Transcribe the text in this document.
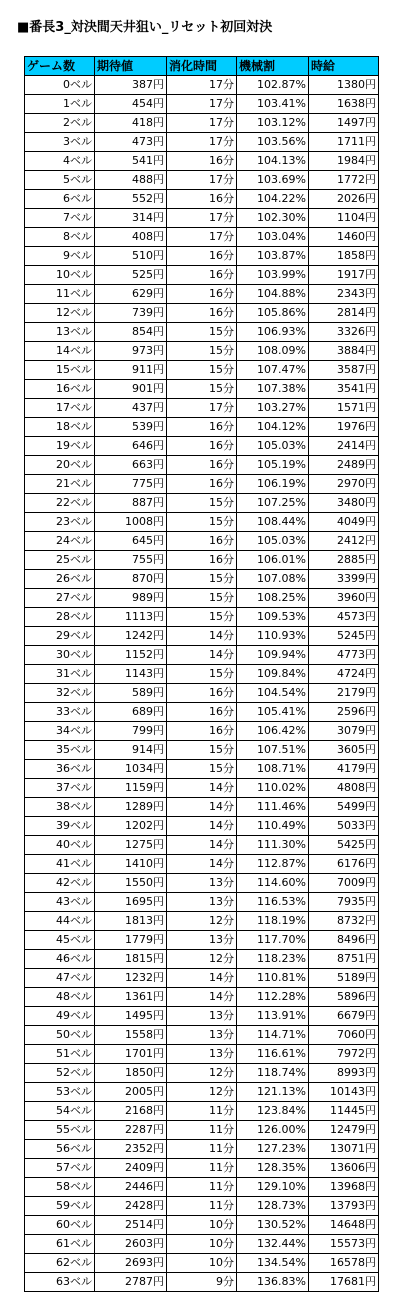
■番長3_対決間天井狙い_リセット初回対決
ゲーム数	期待値	消化時間	機械割	時給
0ベル	387円	17分	102.87%	1380円
1ベル	454円	17分	103.41%	1638円
2ベル	418円	17分	103.12%	1497円
3ベル	473円	17分	103.56%	1711円
4ベル	541円	16分	104.13%	1984円
5ベル	488円	17分	103.69%	1772円
6ベル	552円	16分	104.22%	2026円
7ベル	314円	17分	102.30%	1104円
8ベル	408円	17分	103.04%	1460円
9ベル	510円	16分	103.87%	1858円
10ベル	525円	16分	103.99%	1917円
11ベル	629円	16分	104.88%	2343円
12ベル	739円	16分	105.86%	2814円
13ベル	854円	15分	106.93%	3326円
14ベル	973円	15分	108.09%	3884円
15ベル	911円	15分	107.47%	3587円
16ベル	901円	15分	107.38%	3541円
17ベル	437円	17分	103.27%	1571円
18ベル	539円	16分	104.12%	1976円
19ベル	646円	16分	105.03%	2414円
20ベル	663円	16分	105.19%	2489円
21ベル	775円	16分	106.19%	2970円
22ベル	887円	15分	107.25%	3480円
23ベル	1008円	15分	108.44%	4049円
24ベル	645円	16分	105.03%	2412円
25ベル	755円	16分	106.01%	2885円
26ベル	870円	15分	107.08%	3399円
27ベル	989円	15分	108.25%	3960円
28ベル	1113円	15分	109.53%	4573円
29ベル	1242円	14分	110.93%	5245円
30ベル	1152円	14分	109.94%	4773円
31ベル	1143円	15分	109.84%	4724円
32ベル	589円	16分	104.54%	2179円
33ベル	689円	16分	105.41%	2596円
34ベル	799円	16分	106.42%	3079円
35ベル	914円	15分	107.51%	3605円
36ベル	1034円	15分	108.71%	4179円
37ベル	1159円	14分	110.02%	4808円
38ベル	1289円	14分	111.46%	5499円
39ベル	1202円	14分	110.49%	5033円
40ベル	1275円	14分	111.30%	5425円
41ベル	1410円	14分	112.87%	6176円
42ベル	1550円	13分	114.60%	7009円
43ベル	1695円	13分	116.53%	7935円
44ベル	1813円	12分	118.19%	8732円
45ベル	1779円	13分	117.70%	8496円
46ベル	1815円	12分	118.23%	8751円
47ベル	1232円	14分	110.81%	5189円
48ベル	1361円	14分	112.28%	5896円
49ベル	1495円	13分	113.91%	6679円
50ベル	1558円	13分	114.71%	7060円
51ベル	1701円	13分	116.61%	7972円
52ベル	1850円	12分	118.74%	8993円
53ベル	2005円	12分	121.13%	10143円
54ベル	2168円	11分	123.84%	11445円
55ベル	2287円	11分	126.00%	12479円
56ベル	2352円	11分	127.23%	13071円
57ベル	2409円	11分	128.35%	13606円
58ベル	2446円	11分	129.10%	13968円
59ベル	2428円	11分	128.73%	13793円
60ベル	2514円	10分	130.52%	14648円
61ベル	2603円	10分	132.44%	15573円
62ベル	2693円	10分	134.54%	16578円
63ベル	2787円	9分	136.83%	17681円
